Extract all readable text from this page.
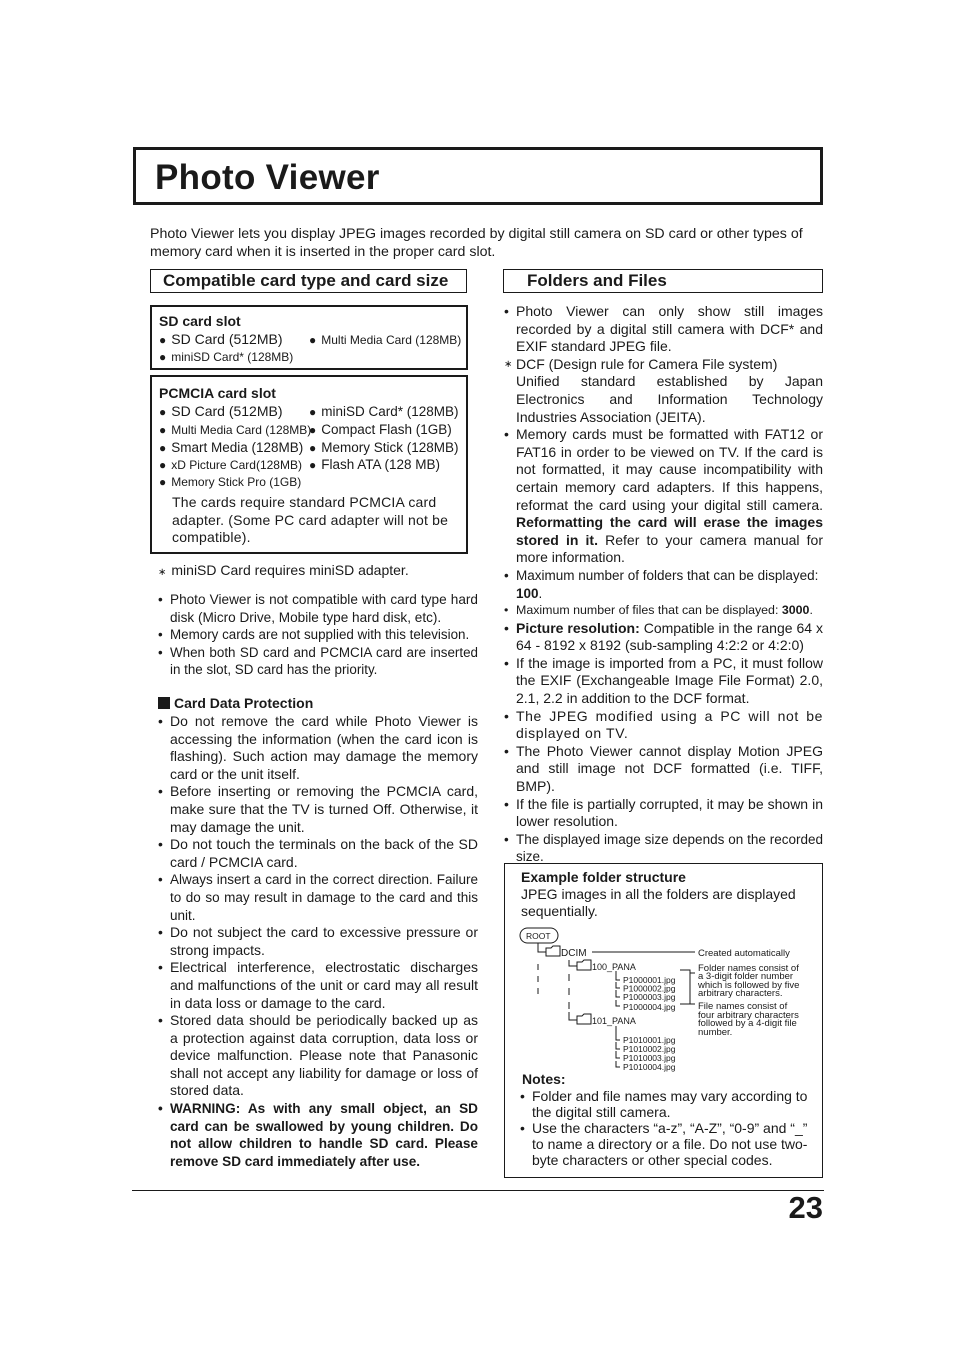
Photo Viewer
Photo Viewer lets you display JPEG images recorded by digital still camera on SD card or other types of memory card when it is inserted in the proper card slot.
Compatible card type and card size
SD card slot
● SD Card (512MB)	● Multi Media Card (128MB)
● miniSD Card* (128MB)
PCMCIA card slot
● SD Card (512MB)	● miniSD Card* (128MB)
● Multi Media Card (128MB) ● Compact Flash (1GB)
● Smart Media (128MB)	● Memory Stick (128MB)
● xD Picture Card(128MB)	● Flash ATA (128 MB)
● Memory Stick Pro (1GB)
The cards require standard PCMCIA card adapter. (Some PC card adapter will not be compatible).
∗ miniSD Card requires miniSD adapter.
• Photo Viewer is not compatible with card type hard disk (Micro Drive, Mobile type hard disk, etc).
• Memory cards are not supplied with this television.
• When both SD card and PCMCIA card are inserted in the slot, SD card has the priority.
Card Data Protection
• Do not remove the card while Photo Viewer is accessing the information (when the card icon is flashing). Such action may damage the memory card or the unit itself.
• Before inserting or removing the PCMCIA card, make sure that the TV is turned Off. Otherwise, it may damage the unit.
• Do not touch the terminals on the back of the SD card / PCMCIA card.
• Always insert a card in the correct direction. Failure to do so may result in damage to the card and this unit.
• Do not subject the card to excessive pressure or strong impacts.
• Electrical interference, electrostatic discharges and malfunctions of the unit or card may all result in data loss or damage to the card.
• Stored data should be periodically backed up as a protection against data corruption, data loss or device malfunction. Please note that Panasonic shall not accept any liability for damage or loss of stored data.
• WARNING: As with any small object, an SD card can be swallowed by young children. Do not allow children to handle SD card. Please remove SD card immediately after use.
Folders and Files
• Photo Viewer can only show still images recorded by a digital still camera with DCF* and EXIF standard JPEG file.
∗ DCF (Design rule for Camera File system)
Unified standard established by Japan Electronics and Information Technology Industries Association (JEITA).
• Memory cards must be formatted with FAT12 or FAT16 in order to be viewed on TV. If the card is not formatted, it may cause incompatibility with certain memory card adapters. If this happens, reformat the card using your digital still camera. Reformatting the card will erase the images stored in it. Refer to your camera manual for more information.
• Maximum number of folders that can be displayed:
100.
• Maximum number of files that can be displayed: 3000.
• Picture resolution: Compatible in the range 64 x 64 - 8192 x 8192 (sub-sampling 4:2:2 or 4:2:0)
• If the image is imported from a PC, it must follow the EXIF (Exchangeable Image File Format) 2.0, 2.1, 2.2 in addition to the DCF format.
• The JPEG modified using a PC will not be displayed on TV.
• The Photo Viewer cannot display Motion JPEG and still image not DCF formatted (i.e. TIFF, BMP).
• If the file is partially corrupted, it may be shown in lower resolution.
• The displayed image size depends on the recorded size.
Example folder structure
JPEG images in all the folders are displayed sequentially.
ROOT
DCIM
100_PANA
101_PANA
P1000001.jpg
P1000002.jpg
P1000003.jpg
P1000004.jpg
P1010001.jpg
P1010002.jpg
P1010003.jpg
P1010004.jpg
Created automatically
Folder names consist of
a 3-digit folder number
which is followed by five
arbitrary characters.
File names consist of
four arbitrary characters
followed by a 4-digit file
number.
Notes:
• Folder and file names may vary according to the digital still camera.
• Use the characters “a-z”, “A-Z”, “0-9” and “_” to name a directory or a file. Do not use two-byte characters or other special codes.
23
